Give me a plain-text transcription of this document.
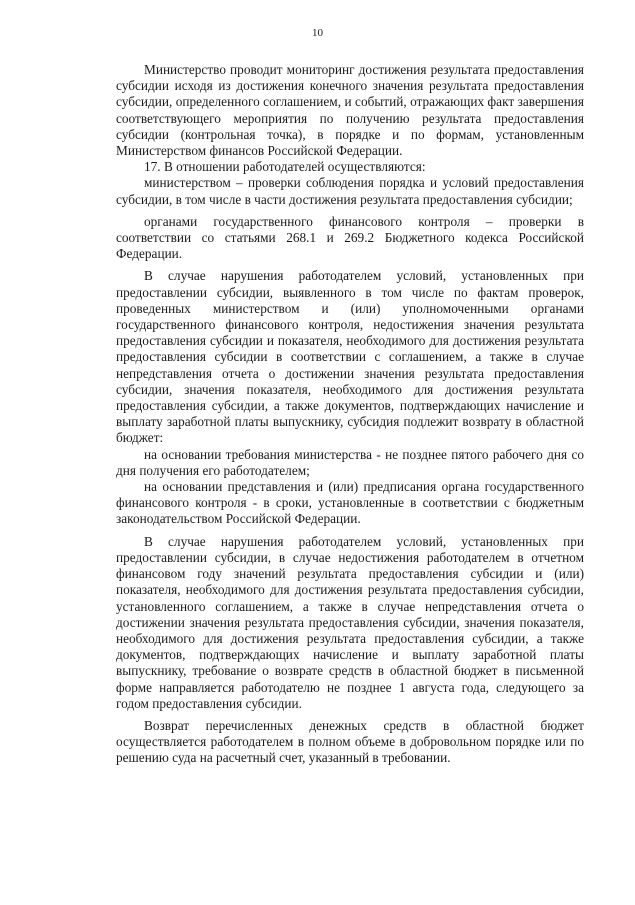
10

Министерство проводит мониторинг достижения результата предоставления субсидии исходя из достижения конечного значения результата предоставления субсидии, определенного соглашением, и событий, отражающих факт завершения соответствующего мероприятия по получению результата предоставления субсидии (контрольная точка), в порядке и по формам, установленным Министерством финансов Российской Федерации.

17. В отношении работодателей осуществляются:

министерством – проверки соблюдения порядка и условий предоставления субсидии, в том числе в части достижения результата предоставления субсидии;

органами государственного финансового контроля – проверки в соответствии со статьями 268.1 и 269.2 Бюджетного кодекса Российской Федерации.

В случае нарушения работодателем условий, установленных при предоставлении субсидии, выявленного в том числе по фактам проверок, проведенных министерством и (или) уполномоченными органами государственного финансового контроля, недостижения значения результата предоставления субсидии и показателя, необходимого для достижения результата предоставления субсидии в соответствии с соглашением, а также в случае непредставления отчета о достижении значения результата предоставления субсидии, значения показателя, необходимого для достижения результата предоставления субсидии, а также документов, подтверждающих начисление и выплату заработной платы выпускнику, субсидия подлежит возврату в областной бюджет:

на основании требования министерства - не позднее пятого рабочего дня со дня получения его работодателем;

на основании представления и (или) предписания органа государственного финансового контроля - в сроки, установленные в соответствии с бюджетным законодательством Российской Федерации.

В случае нарушения работодателем условий, установленных при предоставлении субсидии, в случае недостижения работодателем в отчетном финансовом году значений результата предоставления субсидии и (или) показателя, необходимого для достижения результата предоставления субсидии, установленного соглашением, а также в случае непредставления отчета о достижении значения результата предоставления субсидии, значения показателя, необходимого для достижения результата предоставления субсидии, а также документов, подтверждающих начисление и выплату заработной платы выпускнику, требование о возврате средств в областной бюджет в письменной форме направляется работодателю не позднее 1 августа года, следующего за годом предоставления субсидии.

Возврат перечисленных денежных средств в областной бюджет осуществляется работодателем в полном объеме в добровольном порядке или по решению суда на расчетный счет, указанный в требовании.
